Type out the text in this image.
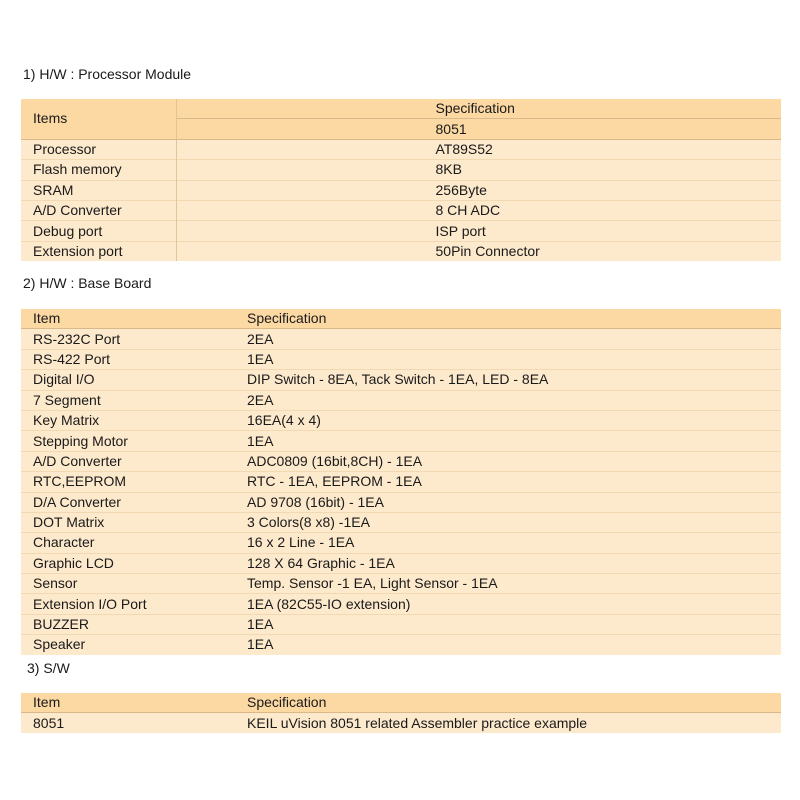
1) H/W : Processor Module
Items	Specification
	8051
Processor	AT89S52
Flash memory	8KB
SRAM	256Byte
A/D Converter	8 CH ADC
Debug port	ISP port
Extension port	50Pin Connector
2) H/W : Base Board
Item	Specification
RS-232C Port	2EA
RS-422 Port	1EA
Digital I/O	DIP Switch - 8EA, Tack Switch - 1EA, LED - 8EA
7 Segment	2EA
Key Matrix	16EA(4 x 4)
Stepping Motor	1EA
A/D Converter	ADC0809 (16bit,8CH) - 1EA
RTC,EEPROM	RTC - 1EA, EEPROM - 1EA
D/A Converter	AD 9708 (16bit) - 1EA
DOT Matrix	3 Colors(8 x8) -1EA
Character	16 x 2 Line - 1EA
Graphic LCD	128 X 64 Graphic - 1EA
Sensor	Temp. Sensor -1 EA, Light Sensor - 1EA
Extension I/O Port	1EA (82C55-IO extension)
BUZZER	1EA
Speaker	1EA
3) S/W
Item	Specification
8051	KEIL uVision 8051 related Assembler practice example
